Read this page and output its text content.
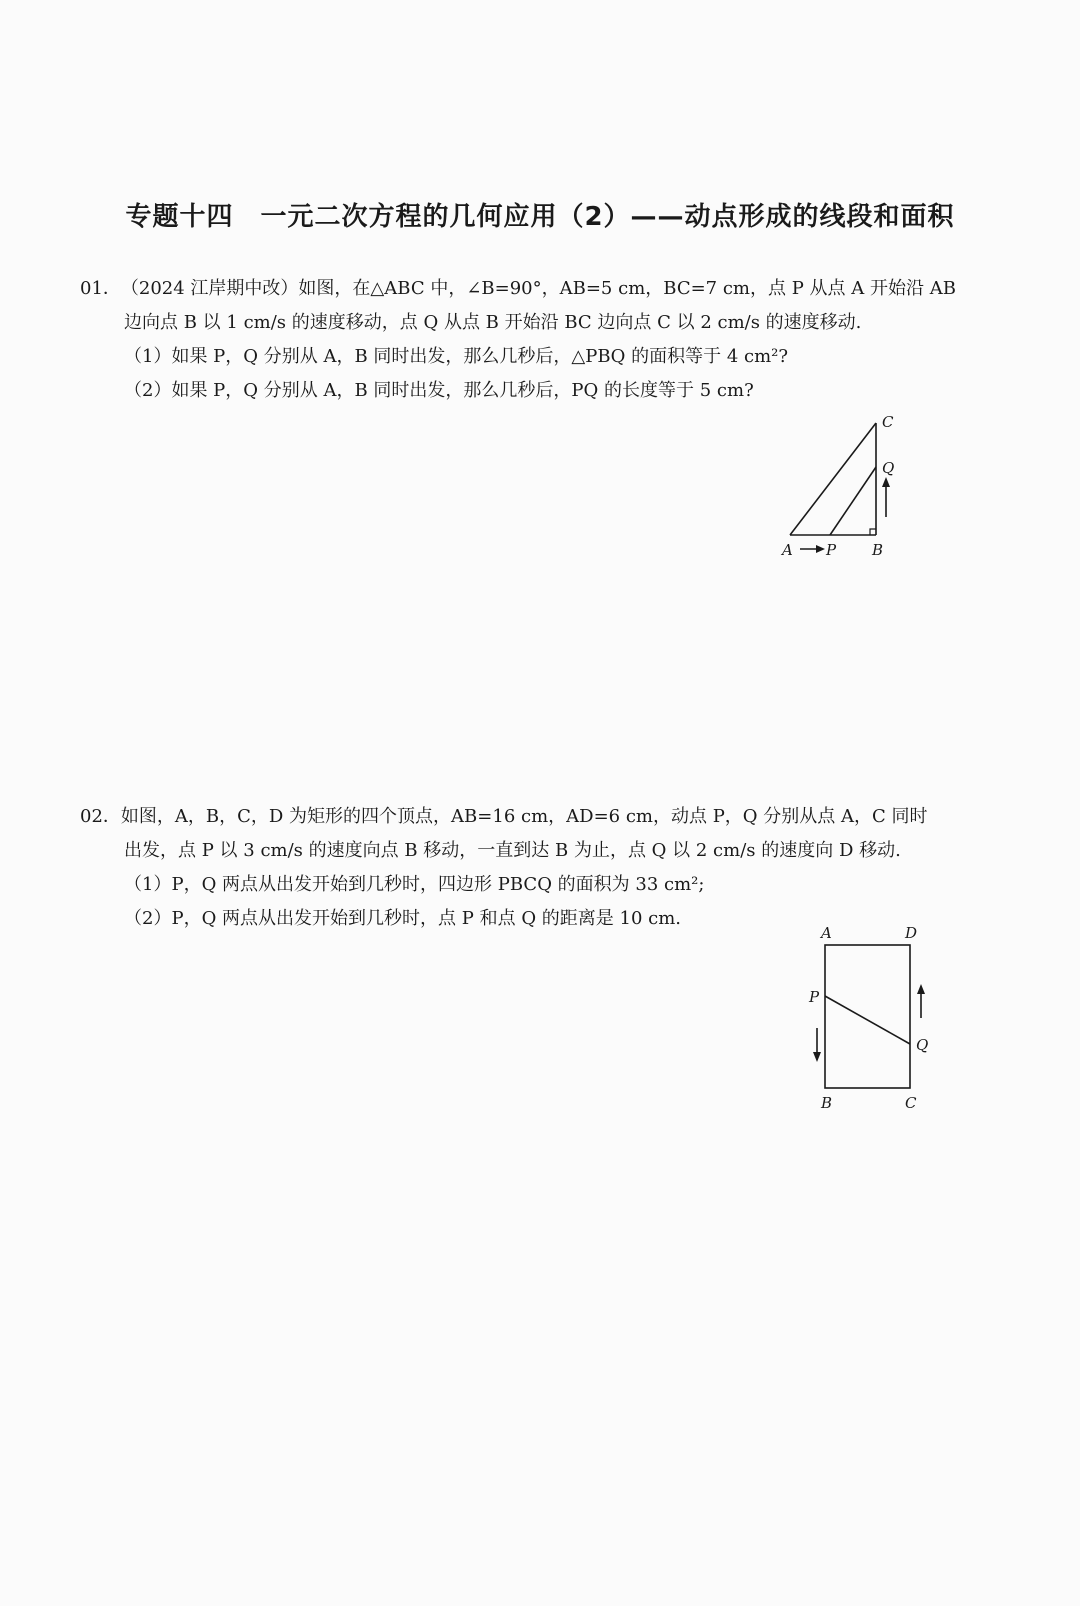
专题十四　一元二次方程的几何应用（2）——动点形成的线段和面积
01．（2024 江岸期中改）如图，在△ABC 中，∠B=90°，AB=5 cm，BC=7 cm，点 P 从点 A 开始沿 AB
边向点 B 以 1 cm/s 的速度移动，点 Q 从点 B 开始沿 BC 边向点 C 以 2 cm/s 的速度移动.
（1）如果 P，Q 分别从 A，B 同时出发，那么几秒后，△PBQ 的面积等于 4 cm²?
（2）如果 P，Q 分别从 A，B 同时出发，那么几秒后，PQ 的长度等于 5 cm?
A P B
Q
C
02．如图，A，B，C，D 为矩形的四个顶点，AB=16 cm，AD=6 cm，动点 P，Q 分别从点 A，C 同时
出发，点 P 以 3 cm/s 的速度向点 B 移动，一直到达 B 为止，点 Q 以 2 cm/s 的速度向 D 移动.
（1）P，Q 两点从出发开始到几秒时，四边形 PBCQ 的面积为 33 cm²;
（2）P，Q 两点从出发开始到几秒时，点 P 和点 Q 的距离是 10 cm.
A	D
P
Q
B	C
